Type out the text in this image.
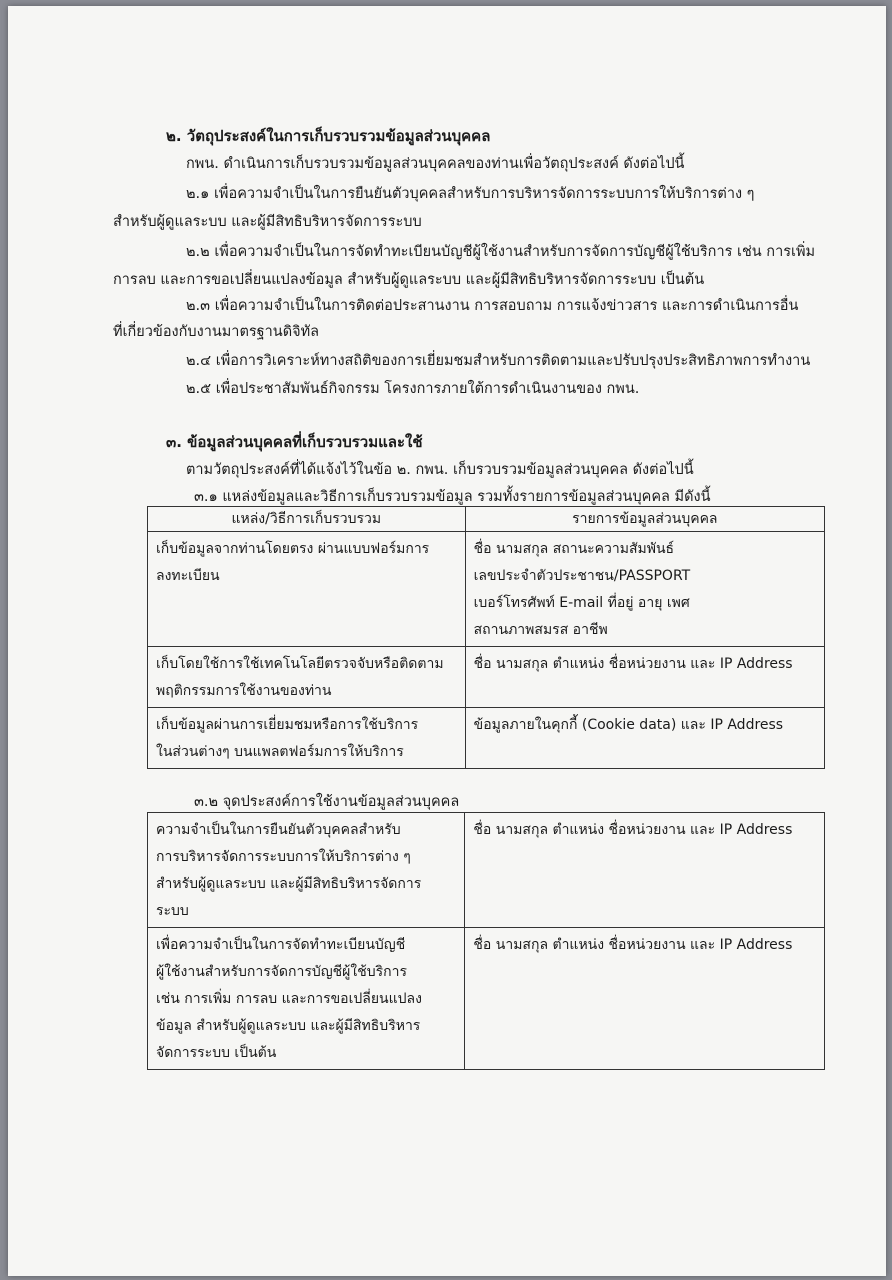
๒. วัตถุประสงค์ในการเก็บรวบรวมข้อมูลส่วนบุคคล
กพน. ดำเนินการเก็บรวบรวมข้อมูลส่วนบุคคลของท่านเพื่อวัตถุประสงค์ ดังต่อไปนี้
๒.๑ เพื่อความจำเป็นในการยืนยันตัวบุคคลสำหรับการบริหารจัดการระบบการให้บริการต่าง ๆ
สำหรับผู้ดูแลระบบ และผู้มีสิทธิบริหารจัดการระบบ
๒.๒ เพื่อความจำเป็นในการจัดทำทะเบียนบัญชีผู้ใช้งานสำหรับการจัดการบัญชีผู้ใช้บริการ เช่น การเพิ่ม
การลบ และการขอเปลี่ยนแปลงข้อมูล สำหรับผู้ดูแลระบบ และผู้มีสิทธิบริหารจัดการระบบ เป็นต้น
๒.๓ เพื่อความจำเป็นในการติดต่อประสานงาน การสอบถาม การแจ้งข่าวสาร และการดำเนินการอื่น
ที่เกี่ยวข้องกับงานมาตรฐานดิจิทัล
๒.๔ เพื่อการวิเคราะห์ทางสถิติของการเยี่ยมชมสำหรับการติดตามและปรับปรุงประสิทธิภาพการทำงาน
๒.๕ เพื่อประชาสัมพันธ์กิจกรรม โครงการภายใต้การดำเนินงานของ กพน.
๓. ข้อมูลส่วนบุคคลที่เก็บรวบรวมและใช้
ตามวัตถุประสงค์ที่ได้แจ้งไว้ในข้อ ๒. กพน. เก็บรวบรวมข้อมูลส่วนบุคคล ดังต่อไปนี้
๓.๑ แหล่งข้อมูลและวิธีการเก็บรวบรวมข้อมูล รวมทั้งรายการข้อมูลส่วนบุคคล มีดังนี้
แหล่ง/วิธีการเก็บรวบรวม	รายการข้อมูลส่วนบุคคล

เก็บข้อมูลจากท่านโดยตรง ผ่านแบบฟอร์มการ
ลงทะเบียน	ชื่อ นามสกุล สถานะความสัมพันธ์
เลขประจำตัวประชาชน/PASSPORT
เบอร์โทรศัพท์ E-mail ที่อยู่ อายุ เพศ
สถานภาพสมรส อาชีพ

เก็บโดยใช้การใช้เทคโนโลยีตรวจจับหรือติดตาม
พฤติกรรมการใช้งานของท่าน	ชื่อ นามสกุล ตำแหน่ง ชื่อหน่วยงาน และ IP Address

เก็บข้อมูลผ่านการเยี่ยมชมหรือการใช้บริการ
ในส่วนต่างๆ บนแพลตฟอร์มการให้บริการ	ข้อมูลภายในคุกกี้ (Cookie data) และ IP Address
๓.๒ จุดประสงค์การใช้งานข้อมูลส่วนบุคคล
ความจำเป็นในการยืนยันตัวบุคคลสำหรับ
การบริหารจัดการระบบการให้บริการต่าง ๆ
สำหรับผู้ดูแลระบบ และผู้มีสิทธิบริหารจัดการ
ระบบ	ชื่อ นามสกุล ตำแหน่ง ชื่อหน่วยงาน และ IP Address

เพื่อความจำเป็นในการจัดทำทะเบียนบัญชี
ผู้ใช้งานสำหรับการจัดการบัญชีผู้ใช้บริการ
เช่น การเพิ่ม การลบ และการขอเปลี่ยนแปลง
ข้อมูล สำหรับผู้ดูแลระบบ และผู้มีสิทธิบริหาร
จัดการระบบ เป็นต้น	ชื่อ นามสกุล ตำแหน่ง ชื่อหน่วยงาน และ IP Address
